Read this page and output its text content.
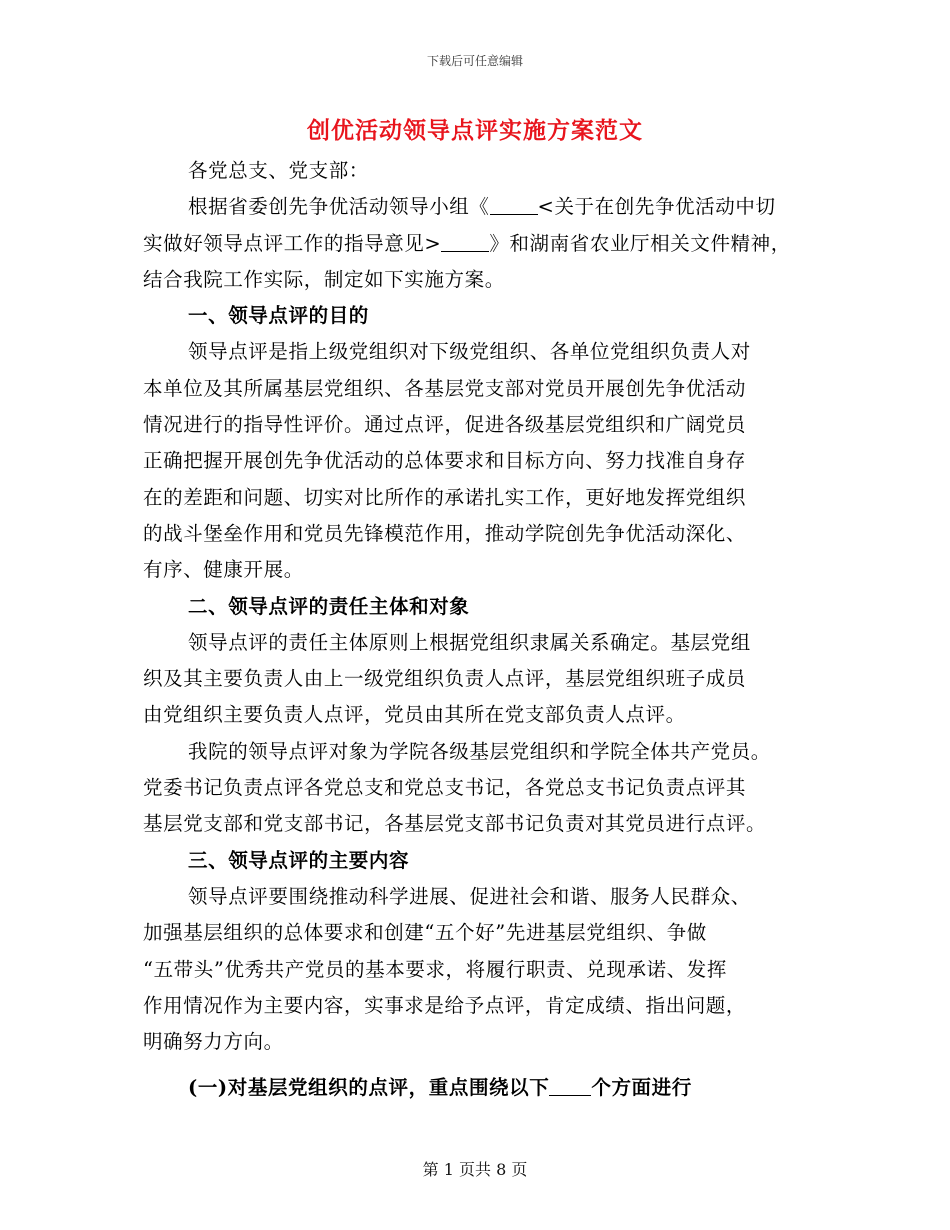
下载后可任意编辑
创优活动领导点评实施方案范文
各党总支、党支部：
根据省委创先争优活动领导小组《 <关于在创先争优活动中切
实做好领导点评工作的指导意见> 》和湖南省农业厅相关文件精神，
结合我院工作实际，制定如下实施方案。
一、领导点评的目的
领导点评是指上级党组织对下级党组织、各单位党组织负责人对
本单位及其所属基层党组织、各基层党支部对党员开展创先争优活动
情况进行的指导性评价。通过点评，促进各级基层党组织和广阔党员
正确把握开展创先争优活动的总体要求和目标方向、努力找准自身存
在的差距和问题、切实对比所作的承诺扎实工作，更好地发挥党组织
的战斗堡垒作用和党员先锋模范作用，推动学院创先争优活动深化、
有序、健康开展。
二、领导点评的责任主体和对象
领导点评的责任主体原则上根据党组织隶属关系确定。基层党组
织及其主要负责人由上一级党组织负责人点评，基层党组织班子成员
由党组织主要负责人点评，党员由其所在党支部负责人点评。
我院的领导点评对象为学院各级基层党组织和学院全体共产党员。
党委书记负责点评各党总支和党总支书记，各党总支书记负责点评其
基层党支部和党支部书记，各基层党支部书记负责对其党员进行点评。
三、领导点评的主要内容
领导点评要围绕推动科学进展、促进社会和谐、服务人民群众、
加强基层组织的总体要求和创建“五个好”先进基层党组织、争做
“五带头”优秀共产党员的基本要求，将履行职责、兑现承诺、发挥
作用情况作为主要内容，实事求是给予点评，肯定成绩、指出问题，
明确努力方向。
(一)对基层党组织的点评，重点围绕以下 个方面进行
第 1 页共 8 页
